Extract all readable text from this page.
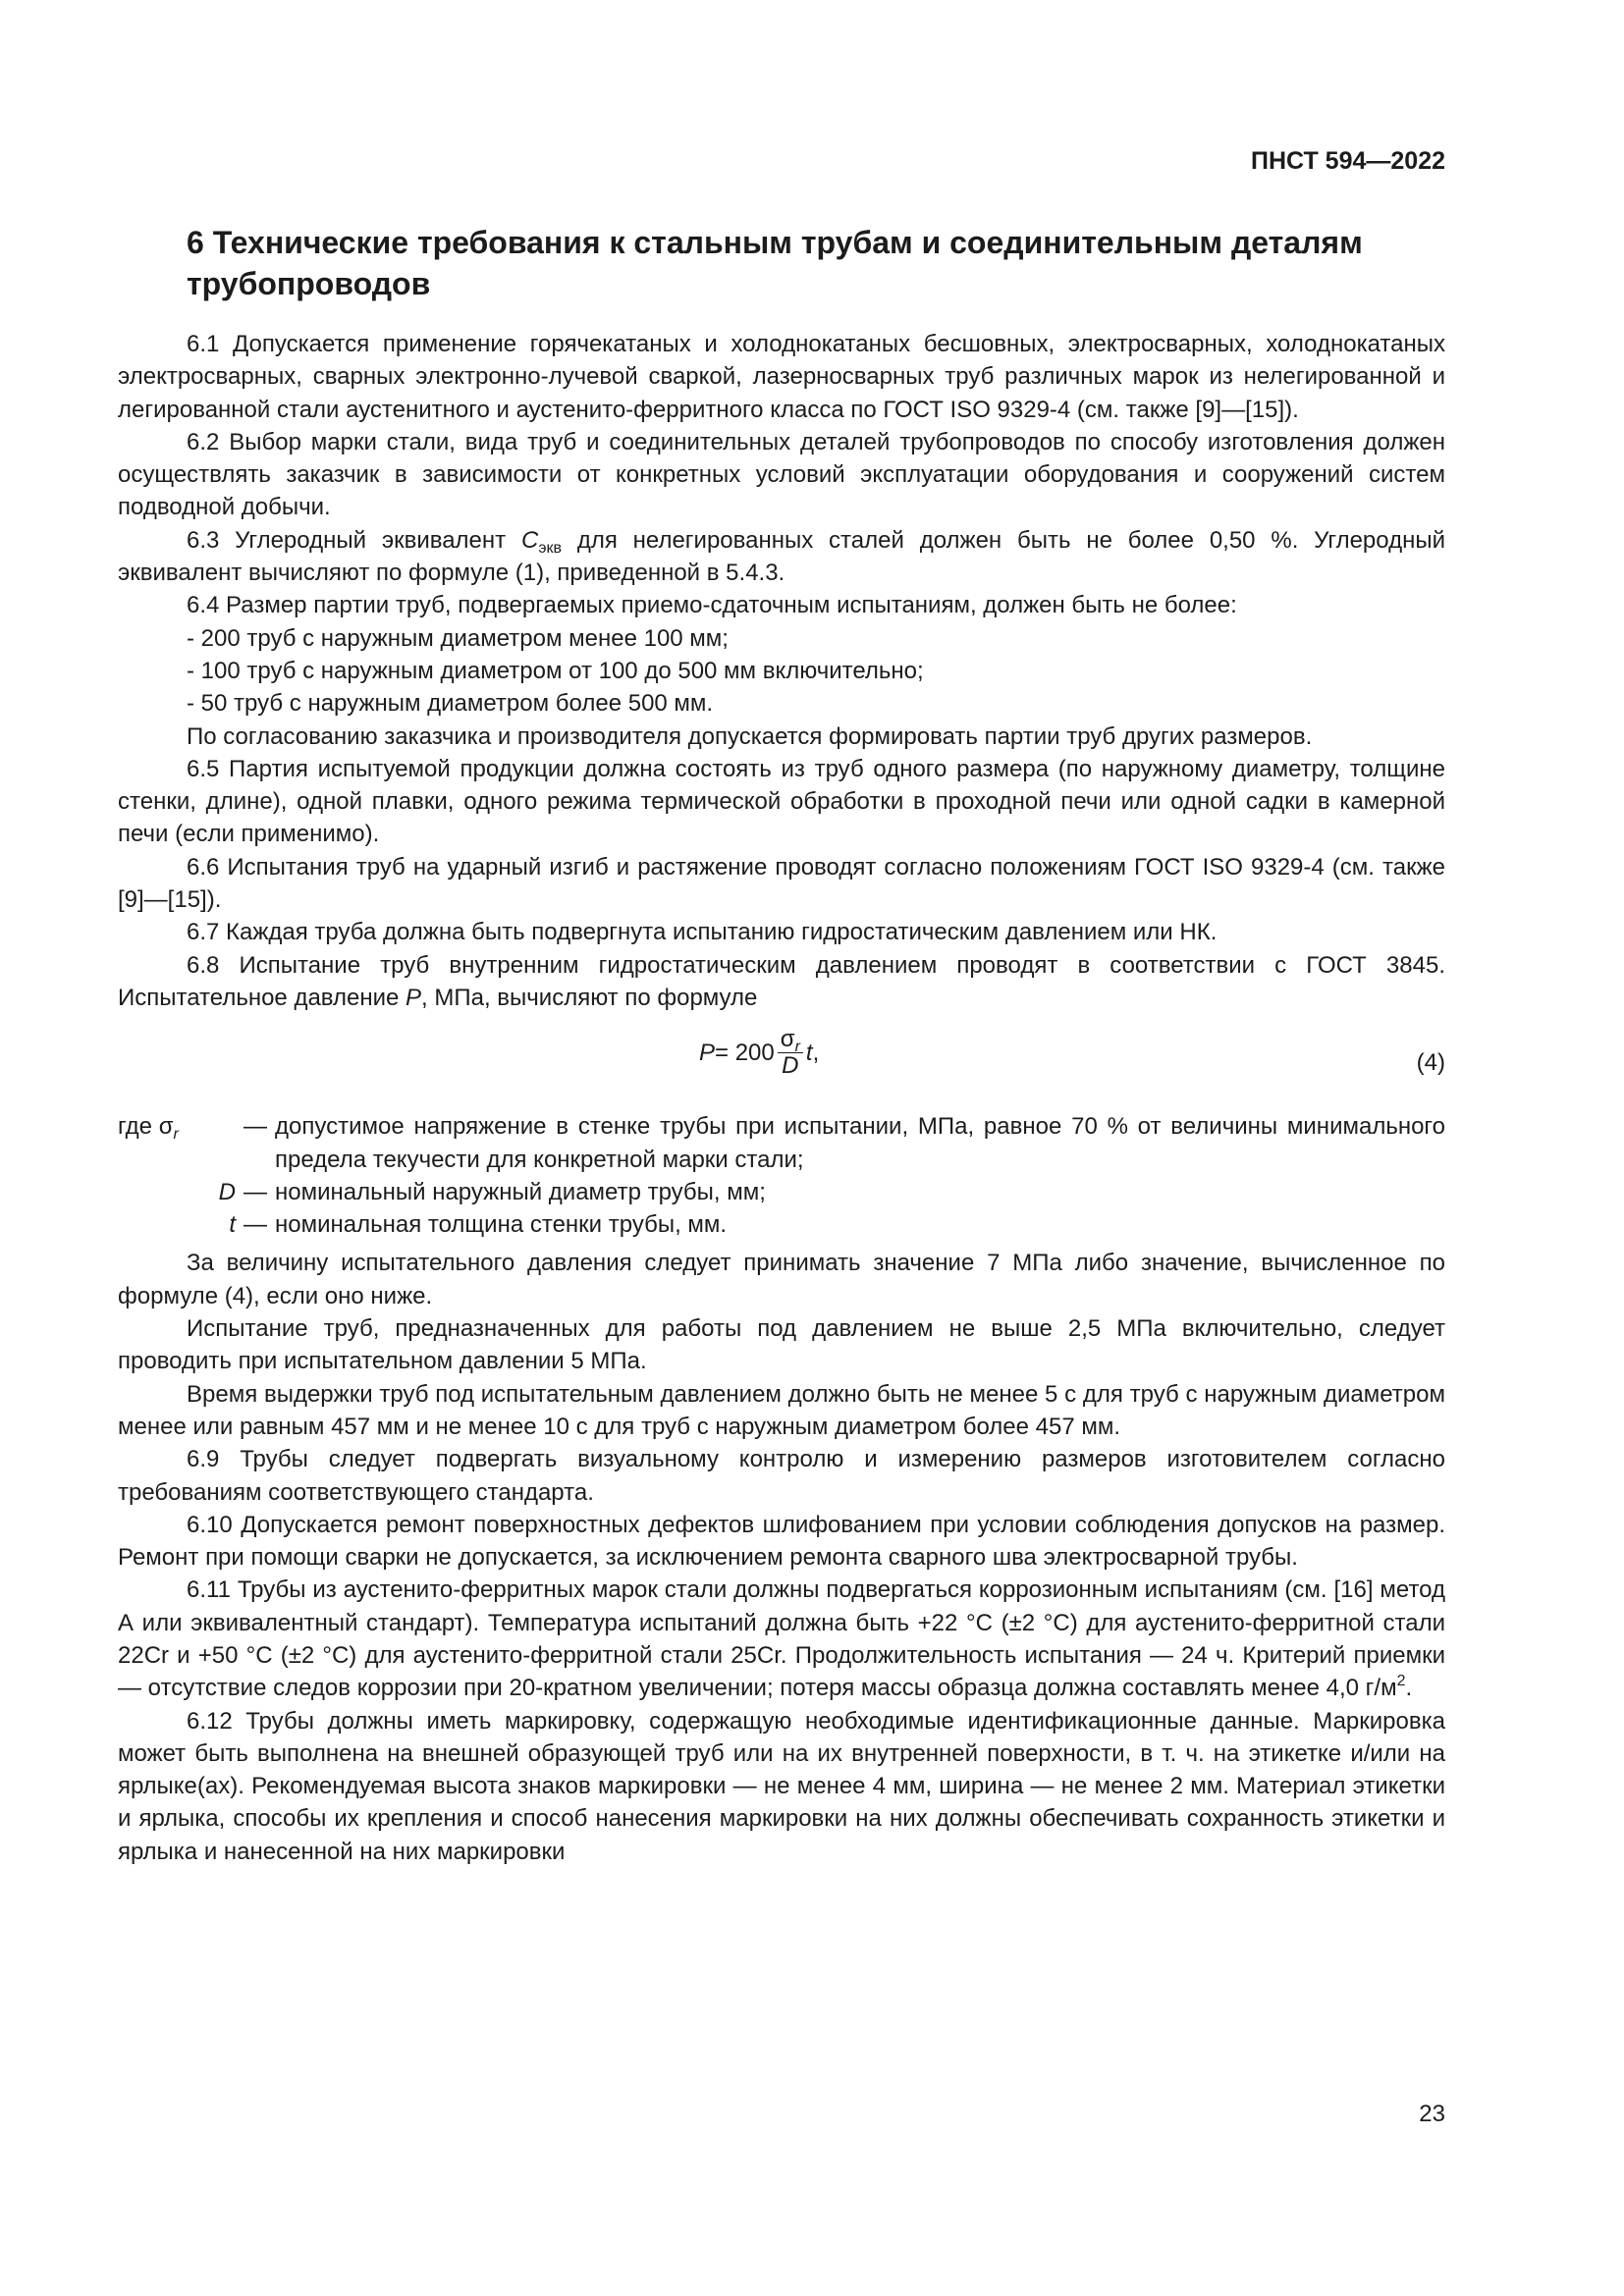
ПНСТ 594—2022
6 Технические требования к стальным трубам и соединительным деталям трубопроводов

6.1 Допускается применение горячекатаных и холоднокатаных бесшовных, электросварных, холоднокатаных электросварных, сварных электронно-лучевой сваркой, лазерносварных труб различных марок из нелегированной и легированной стали аустенитного и аустенито-ферритного класса по ГОСТ ISO 9329-4 (см. также [9]—[15]).

6.2 Выбор марки стали, вида труб и соединительных деталей трубопроводов по способу изготовления должен осуществлять заказчик в зависимости от конкретных условий эксплуатации оборудования и сооружений систем подводной добычи.

6.3 Углеродный эквивалент $C_{экв}$ для нелегированных сталей должен быть не более 0,50 %. Углеродный эквивалент вычисляют по формуле (1), приведенной в 5.4.3.

6.4 Размер партии труб, подвергаемых приемо-сдаточным испытаниям, должен быть не более:

- 200 труб с наружным диаметром менее 100 мм;

- 100 труб с наружным диаметром от 100 до 500 мм включительно;

- 50 труб с наружным диаметром более 500 мм.

По согласованию заказчика и производителя допускается формировать партии труб других размеров.

6.5 Партия испытуемой продукции должна состоять из труб одного размера (по наружному диаметру, толщине стенки, длине), одной плавки, одного режима термической обработки в проходной печи или одной садки в камерной печи (если применимо).

6.6 Испытания труб на ударный изгиб и растяжение проводят согласно положениям ГОСТ ISO 9329-4 (см. также [9]—[15]).

6.7 Каждая труба должна быть подвергнута испытанию гидростатическим давлением или НК.

6.8 Испытание труб внутренним гидростатическим давлением проводят в соответствии с ГОСТ 3845. Испытательное давление P, МПа, вычисляют по формуле

$P = 200 \frac{\sigma_r}{D}$ t ,	(4)
где $\sigma_r$	— допустимое напряжение в стенке трубы при испытании, МПа, равное 70 % от величины минимального предела текучести для конкретной марки стали;
D — номинальный наружный диаметр трубы, мм;
t — номинальная толщина стенки трубы, мм.

За величину испытательного давления следует принимать значение 7 МПа либо значение, вычисленное по формуле (4), если оно ниже.

Испытание труб, предназначенных для работы под давлением не выше 2,5 МПа включительно, следует проводить при испытательном давлении 5 МПа.

Время выдержки труб под испытательным давлением должно быть не менее 5 с для труб с наружным диаметром менее или равным 457 мм и не менее 10 с для труб с наружным диаметром более 457 мм.

6.9 Трубы следует подвергать визуальному контролю и измерению размеров изготовителем согласно требованиям соответствующего стандарта.

6.10 Допускается ремонт поверхностных дефектов шлифованием при условии соблюдения допусков на размер. Ремонт при помощи сварки не допускается, за исключением ремонта сварного шва электросварной трубы.

6.11 Трубы из аустенито-ферритных марок стали должны подвергаться коррозионным испытаниям (см. [16] метод А или эквивалентный стандарт). Температура испытаний должна быть +22 °С (±2 °С) для аустенито-ферритной стали 22Cr и +50 °С (±2 °С) для аустенито-ферритной стали 25Cr. Продолжительность испытания — 24 ч. Критерий приемки — отсутствие следов коррозии при 20-кратном увеличении; потеря массы образца должна составлять менее 4,0 $г/м^2$.

6.12 Трубы должны иметь маркировку, содержащую необходимые идентификационные данные. Маркировка может быть выполнена на внешней образующей труб или на их внутренней поверхности, в т. ч. на этикетке и/или на ярлыке(ах). Рекомендуемая высота знаков маркировки — не менее 4 мм, ширина — не менее 2 мм. Материал этикетки и ярлыка, способы их крепления и способ нанесения маркировки на них должны обеспечивать сохранность этикетки и ярлыка и нанесенной на них маркировки

23
